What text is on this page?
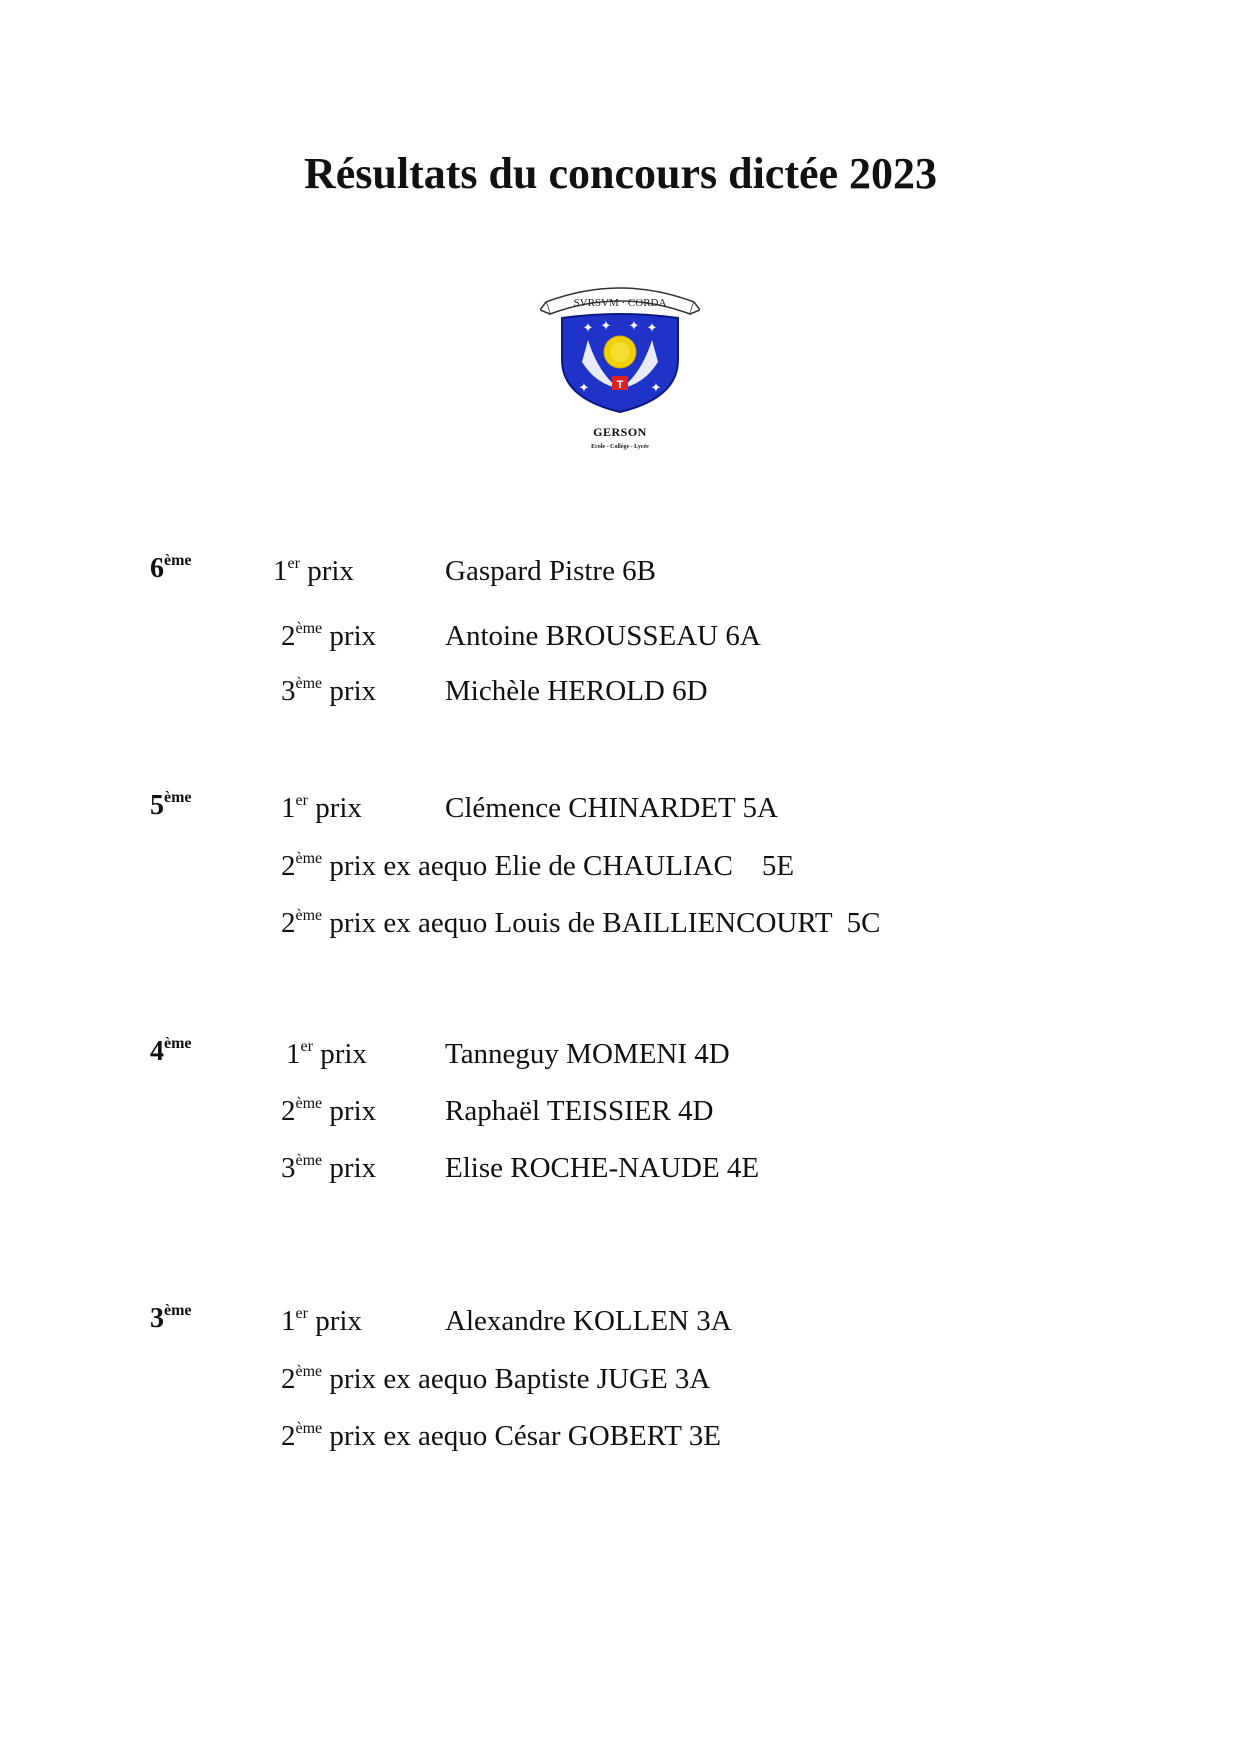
Résultats du concours dictée 2023
SVRSVM · CORDA
T
✦ ✦ ✦ ✦
✦	✦
GERSON
Ecole - Collège - Lycée
6ème	1er prix	Gaspard Pistre 6B
2ème prix Antoine BROUSSEAU 6A
3ème prix Michèle HEROLD 6D
5ème	1er prix	Clémence CHINARDET 5A
2ème prix ex aequo Elie de CHAULIAC    5E
2ème prix ex aequo Louis de BAILLIENCOURT  5C
4ème	1er prix	Tanneguy MOMENI 4D
2ème prix Raphaël TEISSIER 4D
3ème prix Elise ROCHE-NAUDE 4E
3ème	1er prix	Alexandre KOLLEN 3A
2ème prix ex aequo Baptiste JUGE 3A
2ème prix ex aequo César GOBERT 3E
